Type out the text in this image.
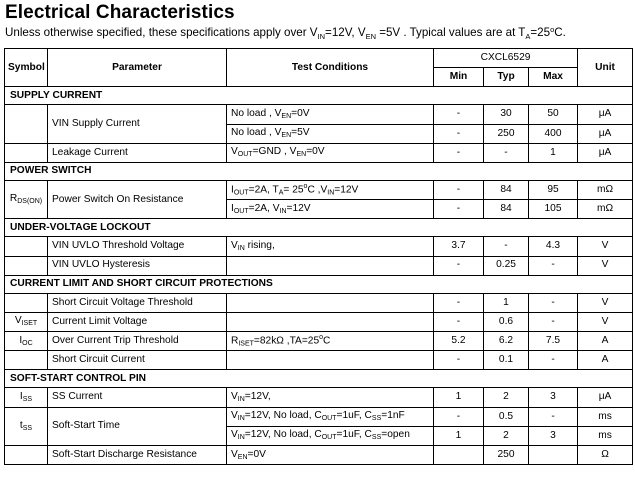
Electrical Characteristics
Unless otherwise specified, these specifications apply over $V_{IN}=12V$, $V_{EN} =5V$ . Typical values are at $T_A=25^oC$.
Symbol	Parameter	Test Conditions	CXCL6529			Unit
			Min	Typ	Max	
SUPPLY CURRENT						
	VIN Supply Current	No load , $V_{EN}=0V$	-	30	50	μA
		No load , $V_{EN}=5V$	-	250	400	μA
	Leakage Current	$V_{OUT}=GND$ , $V_{EN}=0V$	-	-	1	μA
POWER SWITCH						
$R_{DS(ON)}$	Power Switch On Resistance	$I_{OUT}=2A$, $T_A= 25^oC$ $,V_{IN}=12V$	-	84	95	mΩ
		$I_{OUT}=2A$, $V_{IN}=12V$	-	84	105	mΩ
UNDER-VOLTAGE LOCKOUT						
	VIN UVLO Threshold Voltage	$V_{IN}$ rising,	3.7	-	4.3	V
	VIN UVLO Hysteresis		-	0.25	-	V
CURRENT LIMIT AND SHORT CIRCUIT PROTECTIONS						
	Short Circuit Voltage Threshold		-	1	-	V
$V_{ISET}$	Current Limit Voltage		-	0.6	-	V
$I_{OC}$	Over Current Trip Threshold	$R_{ISET}=82k\Omega$ $,TA=25^oC$	5.2	6.2	7.5	A
	Short Circuit Current		-	0.1	-	A
SOFT-START CONTROL PIN						
$I_{SS}$	SS Current	$V_{IN}=12V$,	1	2	3	μA
$t_{SS}$	Soft-Start Time	$V_{IN}=12V$, No load, $C_{OUT}=1uF$, $C_{SS}=1nF$	-	0.5	-	ms
		$V_{IN}=12V$, No load, $C_{OUT}=1uF$, $C_{SS}=open$	1	2	3	ms
	Soft-Start Discharge Resistance	$V_{EN}=0V$		250		Ω
